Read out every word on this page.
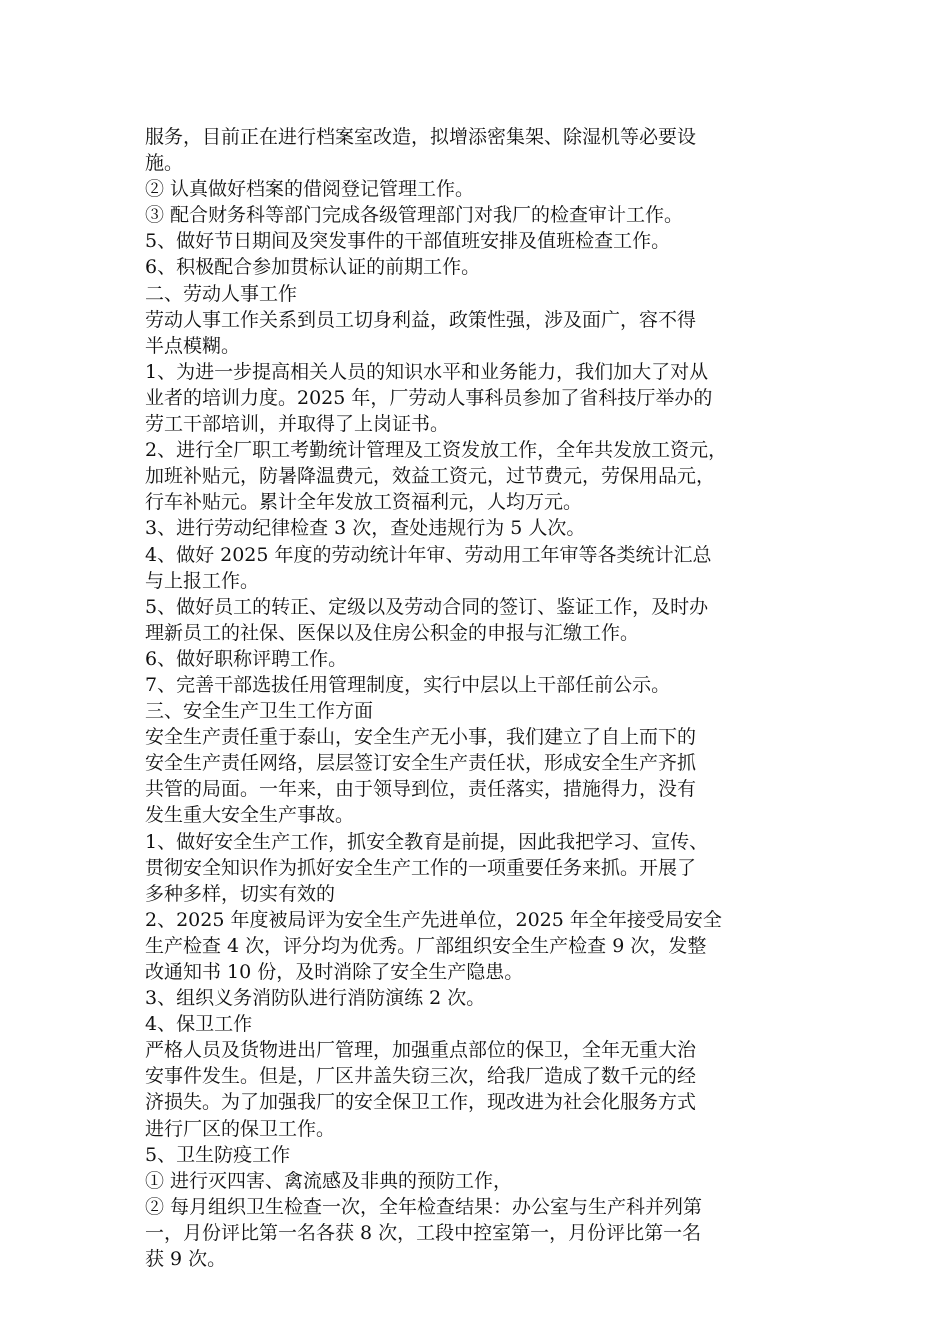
服务，目前正在进行档案室改造，拟增添密集架、除湿机等必要设
施。

② 认真做好档案的借阅登记管理工作。

③ 配合财务科等部门完成各级管理部门对我厂的检查审计工作。

5、做好节日期间及突发事件的干部值班安排及值班检查工作。

6、积极配合参加贯标认证的前期工作。

二、劳动人事工作

劳动人事工作关系到员工切身利益，政策性强，涉及面广，容不得
半点模糊。

1、为进一步提高相关人员的知识水平和业务能力，我们加大了对从
业者的培训力度。2025 年，厂劳动人事科员参加了省科技厅举办的
劳工干部培训，并取得了上岗证书。

2、进行全厂职工考勤统计管理及工资发放工作，全年共发放工资元，
加班补贴元，防暑降温费元，效益工资元，过节费元，劳保用品元，
行车补贴元。累计全年发放工资福利元，人均万元。

3、进行劳动纪律检查 3 次，查处违规行为 5 人次。

4、做好 2025 年度的劳动统计年审、劳动用工年审等各类统计汇总
与上报工作。

5、做好员工的转正、定级以及劳动合同的签订、鉴证工作，及时办
理新员工的社保、医保以及住房公积金的申报与汇缴工作。

6、做好职称评聘工作。

7、完善干部选拔任用管理制度，实行中层以上干部任前公示。

三、安全生产卫生工作方面

安全生产责任重于泰山，安全生产无小事，我们建立了自上而下的
安全生产责任网络，层层签订安全生产责任状，形成安全生产齐抓
共管的局面。一年来，由于领导到位，责任落实，措施得力，没有
发生重大安全生产事故。

1、做好安全生产工作，抓安全教育是前提，因此我把学习、宣传、
贯彻安全知识作为抓好安全生产工作的一项重要任务来抓。开展了
多种多样，切实有效的

2、2025 年度被局评为安全生产先进单位，2025 年全年接受局安全
生产检查 4 次，评分均为优秀。厂部组织安全生产检查 9 次，发整
改通知书 10 份，及时消除了安全生产隐患。

3、组织义务消防队进行消防演练 2 次。

4、保卫工作

严格人员及货物进出厂管理，加强重点部位的保卫，全年无重大治
安事件发生。但是，厂区井盖失窃三次，给我厂造成了数千元的经
济损失。为了加强我厂的安全保卫工作，现改进为社会化服务方式
进行厂区的保卫工作。

5、卫生防疫工作

① 进行灭四害、禽流感及非典的预防工作，

② 每月组织卫生检查一次，全年检查结果：办公室与生产科并列第
一，月份评比第一名各获 8 次，工段中控室第一，月份评比第一名
获 9 次。
